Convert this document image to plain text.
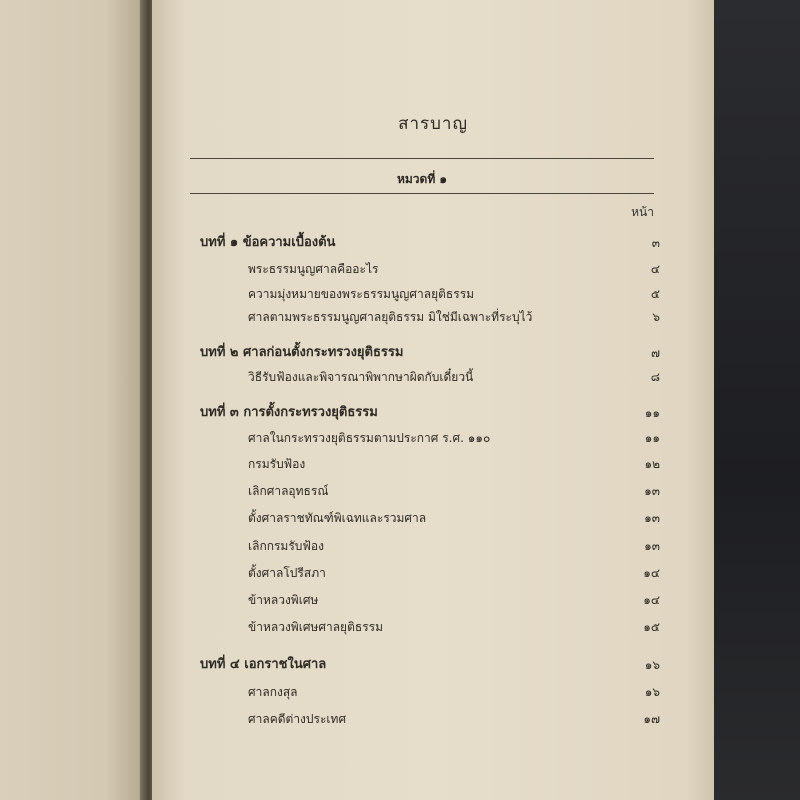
สารบาญ
หมวดที่ ๑
หน้า
บทที่ ๑ ข้อความเบื้องต้น	๓
พระธรรมนูญศาลคืออะไร	๔
ความมุ่งหมายของพระธรรมนูญศาลยุติธรรม	๕
ศาลตามพระธรรมนูญศาลยุติธรรม มิใช่มีเฉพาะที่ระบุไว้	๖
บทที่ ๒ ศาลก่อนตั้งกระทรวงยุติธรรม	๗
วิธีรับฟ้องและพิจารณาพิพากษาผิดกับเดี๋ยวนี้	๘
บทที่ ๓ การตั้งกระทรวงยุติธรรม	๑๑
ศาลในกระทรวงยุติธรรมตามประกาศ ร.ศ. ๑๑๐	๑๑
กรมรับฟ้อง	๑๒
เลิกศาลอุทธรณ์	๑๓
ตั้งศาลราชทัณฑ์พิเฉทและรวมศาล	๑๓
เลิกกรมรับฟ้อง	๑๓
ตั้งศาลโปรีสภา	๑๔
ข้าหลวงพิเศษ	๑๔
ข้าหลวงพิเศษศาลยุติธรรม	๑๕
บทที่ ๔ เอกราชในศาล	๑๖
ศาลกงสุล	๑๖
ศาลคดีต่างประเทศ	๑๗
